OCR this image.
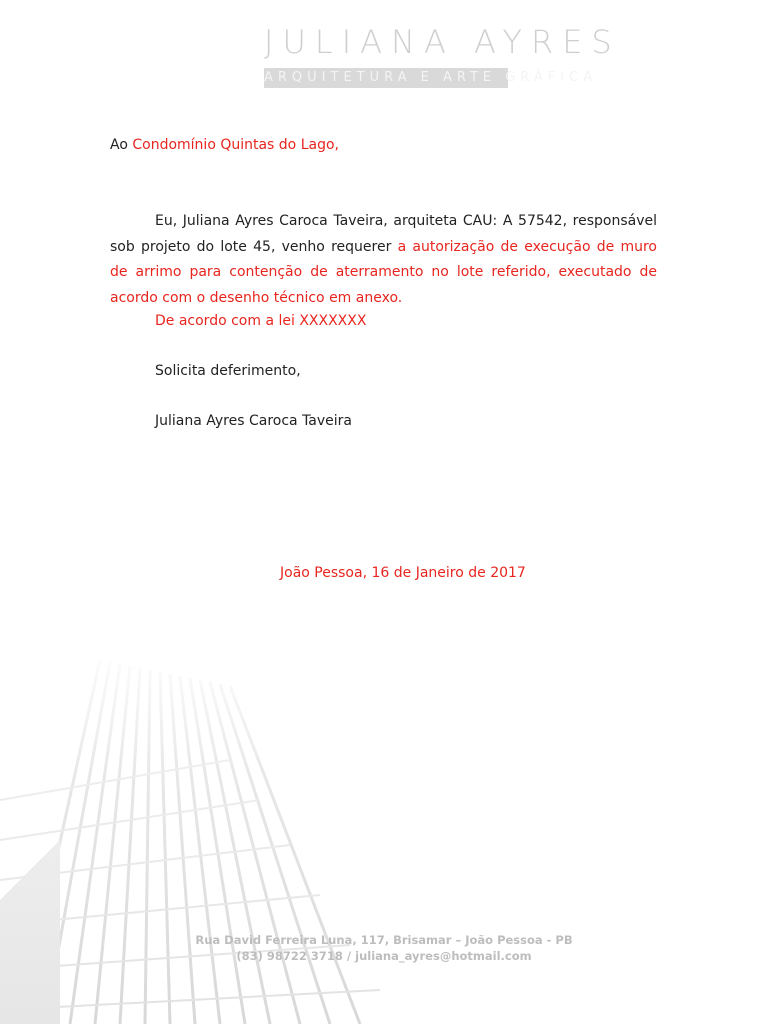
JULIANA AYRES
ARQUITETURA E ARTE GRÁFICA
Ao Condomínio Quintas do Lago,

Eu, Juliana Ayres Caroca Taveira, arquiteta CAU: A 57542, responsável sob projeto do lote 45, venho requerer a autorização de execução de muro de arrimo para contenção de aterramento no lote referido, executado de acordo com o desenho técnico em anexo.

De acordo com a lei XXXXXXX
Solicita deferimento,
Juliana Ayres Caroca Taveira
João Pessoa, 16 de Janeiro de 2017
Rua David Ferreira Luna, 117, Brisamar – João Pessoa - PB
(83) 98722 3718 / juliana_ayres@hotmail.com
